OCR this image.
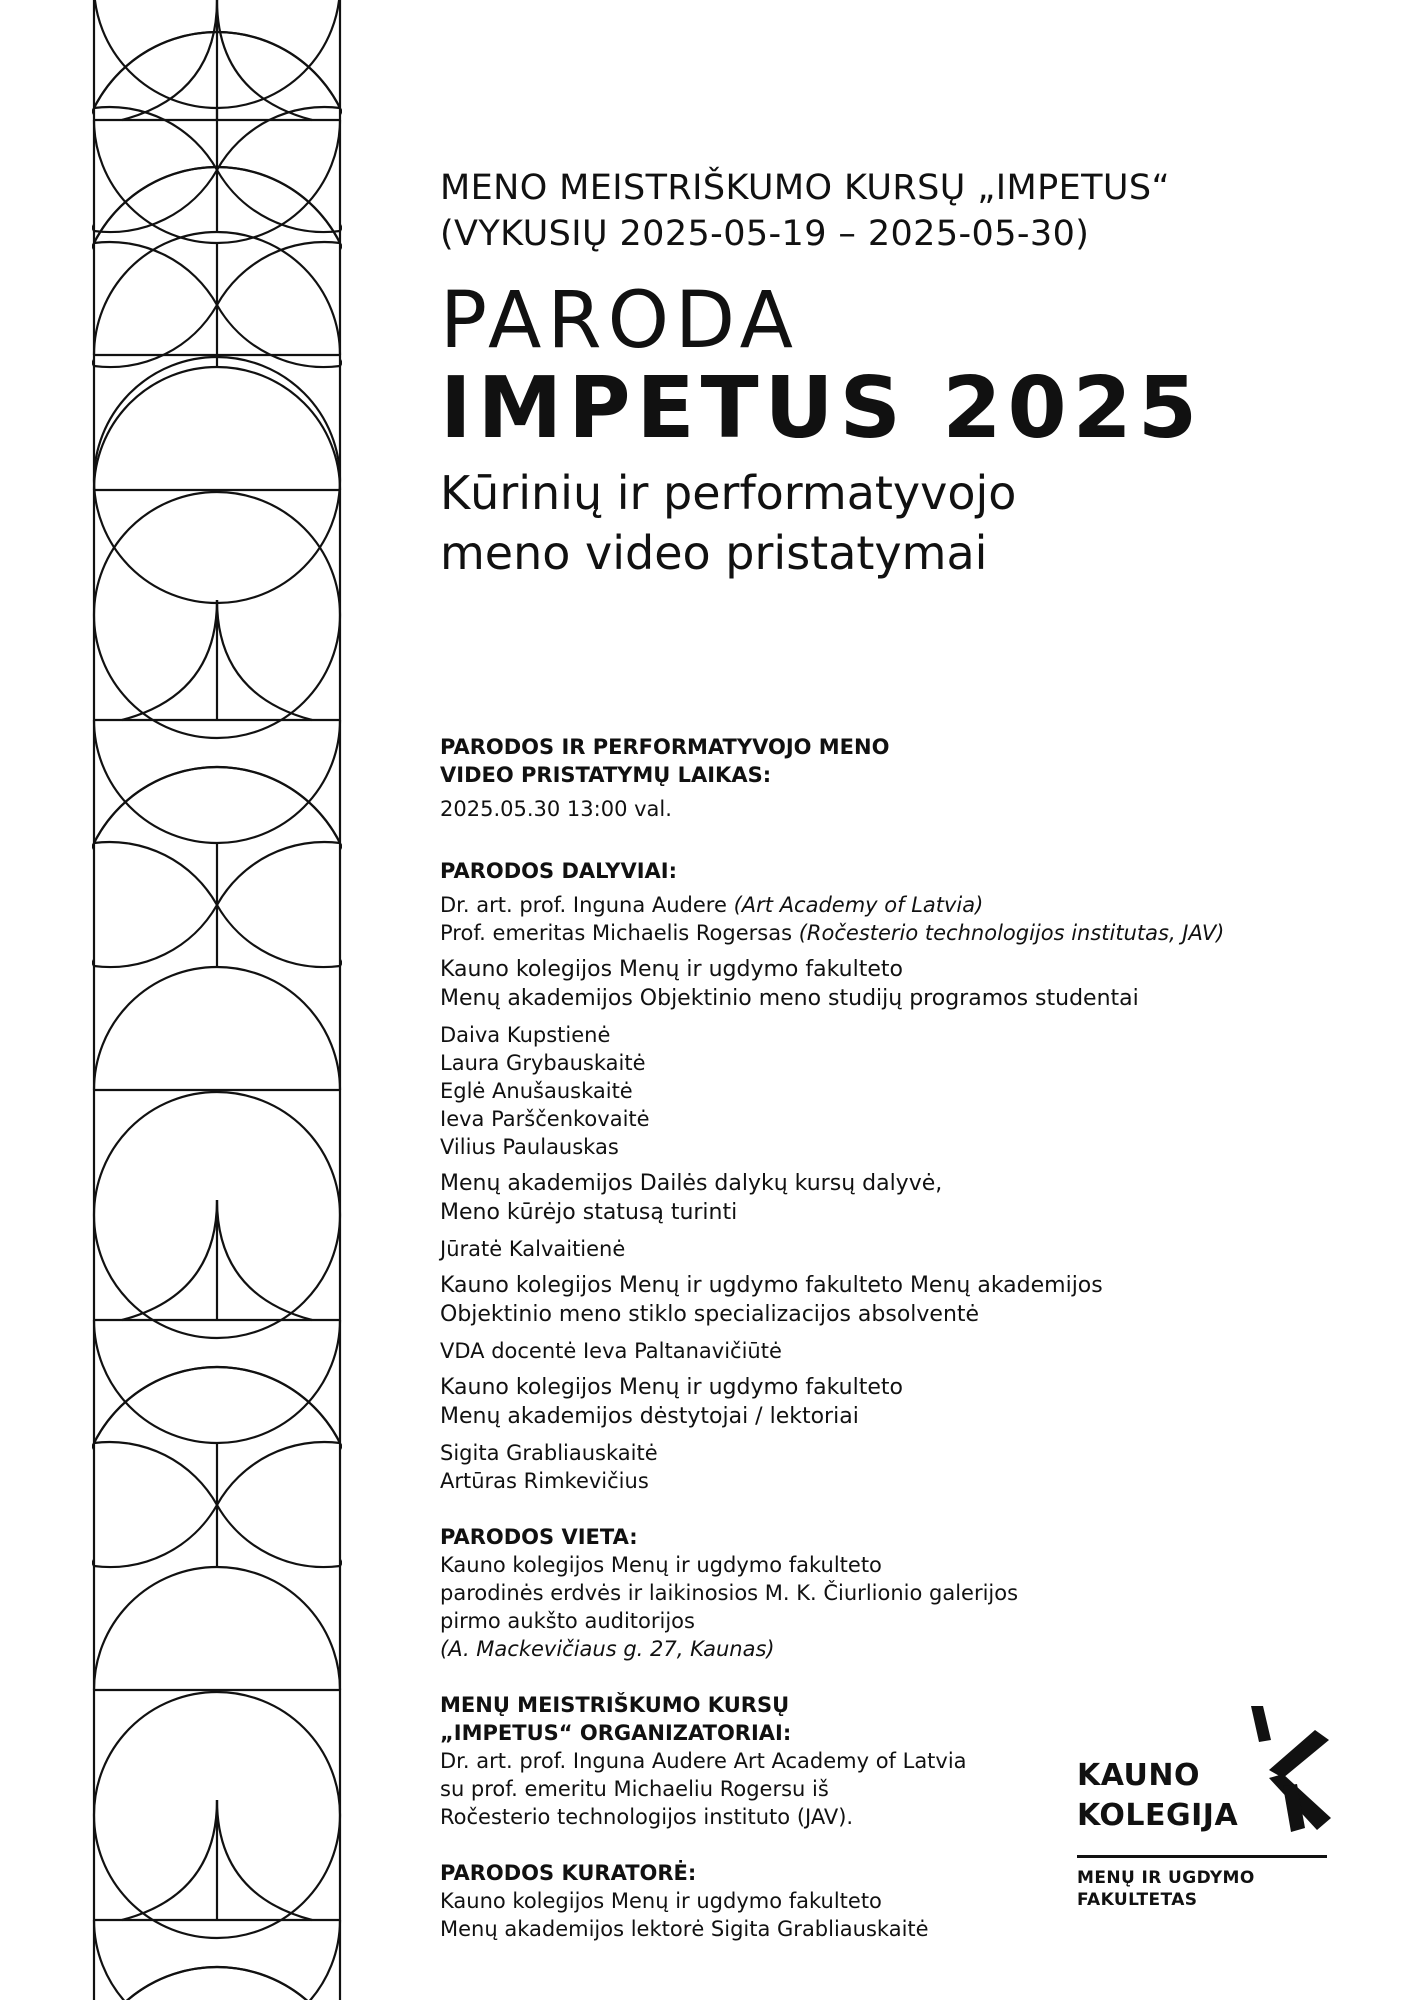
MENO MEISTRIŠKUMO KURSŲ „IMPETUS“
(VYKUSIŲ 2025-05-19 – 2025-05-30)
PARODA
IMPETUS 2025
Kūrinių ir performatyvojo
meno video pristatymai
PARODOS IR PERFORMATYVOJO MENO
VIDEO PRISTATYMŲ LAIKAS:
2025.05.30 13:00 val.
PARODOS DALYVIAI:
Dr. art. prof. Inguna Audere (Art Academy of Latvia)
Prof. emeritas Michaelis Rogersas (Ročesterio technologijos institutas, JAV)
Kauno kolegijos Menų ir ugdymo fakulteto
Menų akademijos Objektinio meno studijų programos studentai
Daiva Kupstienė
Laura Grybauskaitė
Eglė Anušauskaitė
Ieva Parščenkovaitė
Vilius Paulauskas
Menų akademijos Dailės dalykų kursų dalyvė,
Meno kūrėjo statusą turinti
Jūratė Kalvaitienė
Kauno kolegijos Menų ir ugdymo fakulteto Menų akademijos
Objektinio meno stiklo specializacijos absolventė
VDA docentė Ieva Paltanavičiūtė
Kauno kolegijos Menų ir ugdymo fakulteto
Menų akademijos dėstytojai / lektoriai
Sigita Grabliauskaitė
Artūras Rimkevičius
PARODOS VIETA:
Kauno kolegijos Menų ir ugdymo fakulteto
parodinės erdvės ir laikinosios M. K. Čiurlionio galerijos
pirmo aukšto auditorijos
(A. Mackevičiaus g. 27, Kaunas)
MENŲ MEISTRIŠKUMO KURSŲ
„IMPETUS“ ORGANIZATORIAI:
Dr. art. prof. Inguna Audere Art Academy of Latvia
su prof. emeritu Michaeliu Rogersu iš
Ročesterio technologijos instituto (JAV).
PARODOS KURATORĖ:
Kauno kolegijos Menų ir ugdymo fakulteto
Menų akademijos lektorė Sigita Grabliauskaitė
KAUNO
KOLEGIJA
MENŲ IR UGDYMO
FAKULTETAS
